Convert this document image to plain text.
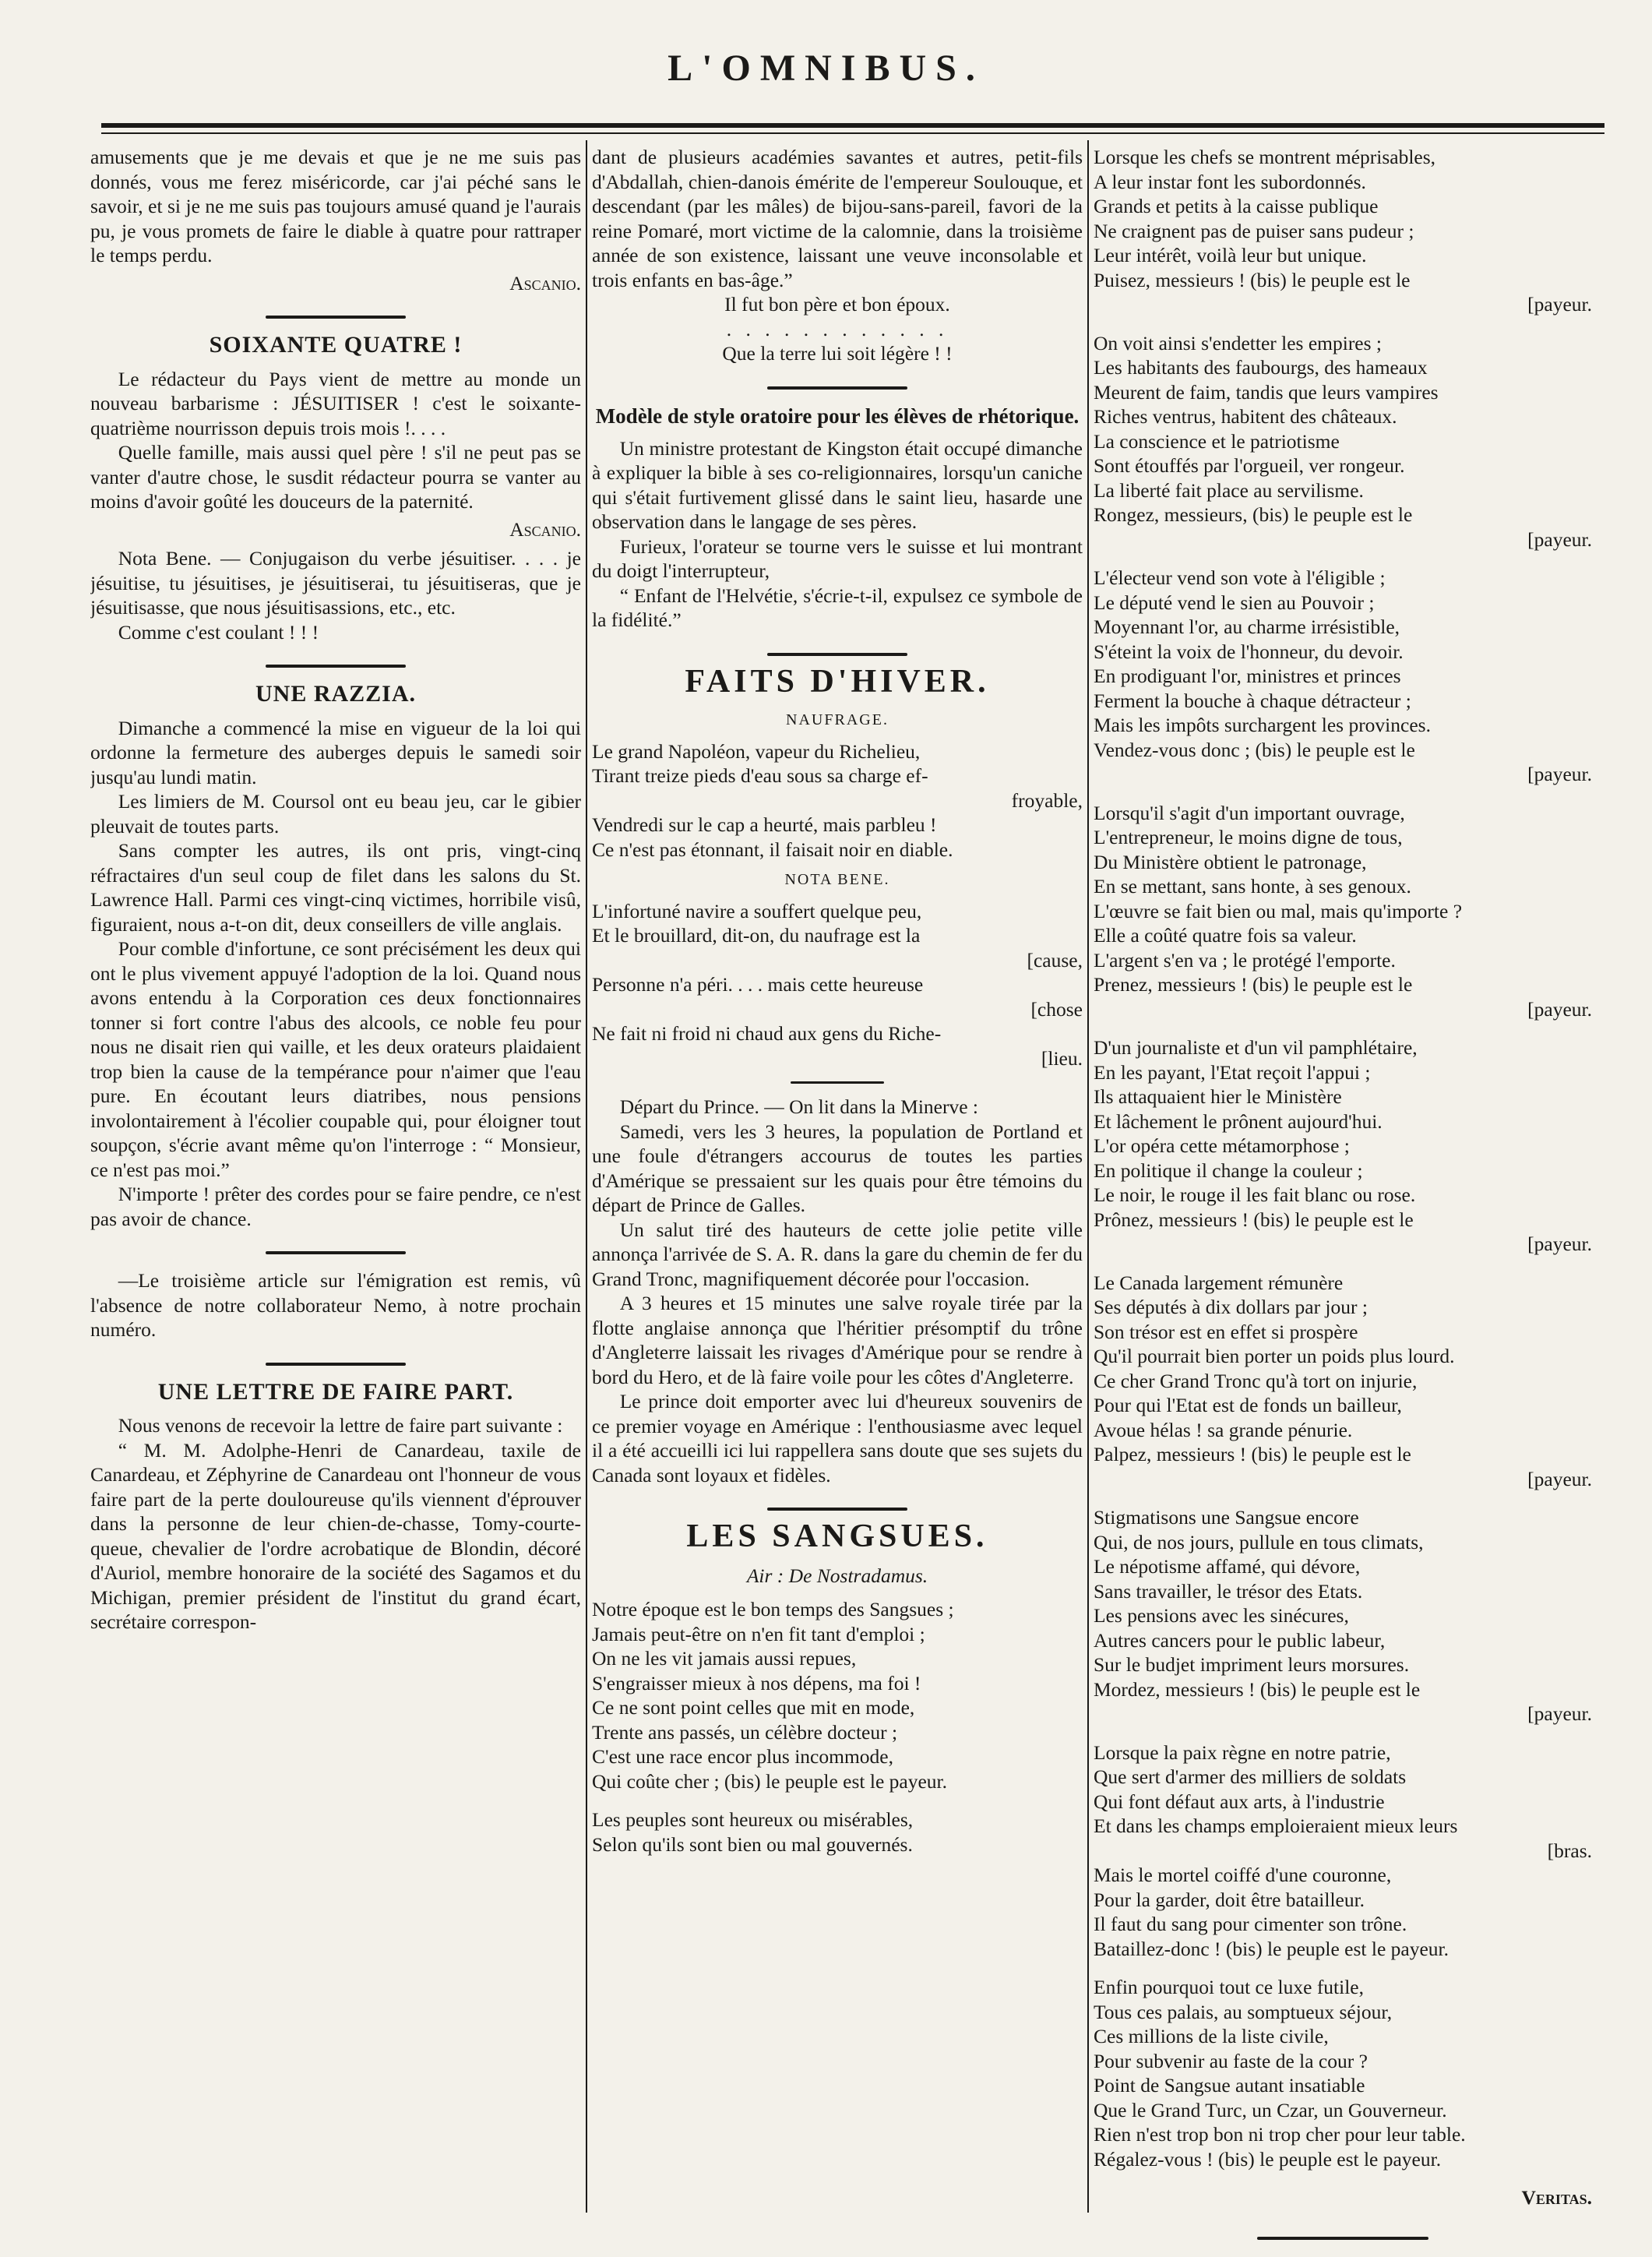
L'OMNIBUS.

amusements que je me devais et que je ne me suis pas donnés, vous me ferez miséricorde, car j'ai péché sans le savoir, et si je ne me suis pas toujours amusé quand je l'aurais pu, je vous promets de faire le diable à quatre pour rattraper le temps perdu.

Ascanio.
SOIXANTE QUATRE !

Le rédacteur du Pays vient de mettre au monde un nouveau barbarisme : JÉSUITISER ! c'est le soixante-quatrième nourrisson depuis trois mois !. . . .

Quelle famille, mais aussi quel père ! s'il ne peut pas se vanter d'autre chose, le susdit rédacteur pourra se vanter au moins d'avoir goûté les douceurs de la paternité.

Ascanio.

Nota Bene. — Conjugaison du verbe jésuitiser. . . . je jésuitise, tu jésuitises, je jésuitiserai, tu jésuitiseras, que je jésuitisasse, que nous jésuitisassions, etc., etc.

Comme c'est coulant ! ! !

UNE RAZZIA.

Dimanche a commencé la mise en vigueur de la loi qui ordonne la fermeture des auberges depuis le samedi soir jusqu'au lundi matin.

Les limiers de M. Coursol ont eu beau jeu, car le gibier pleuvait de toutes parts.

Sans compter les autres, ils ont pris, vingt-cinq réfractaires d'un seul coup de filet dans les salons du St. Lawrence Hall. Parmi ces vingt-cinq victimes, horribile visû, figuraient, nous a-t-on dit, deux conseillers de ville anglais.

Pour comble d'infortune, ce sont précisément les deux qui ont le plus vivement appuyé l'adoption de la loi. Quand nous avons entendu à la Corporation ces deux fonctionnaires tonner si fort contre l'abus des alcools, ce noble feu pour nous ne disait rien qui vaille, et les deux orateurs plaidaient trop bien la cause de la tempérance pour n'aimer que l'eau pure. En écoutant leurs diatribes, nous pensions involontairement à l'écolier coupable qui, pour éloigner tout soupçon, s'écrie avant même qu'on l'interroge : “ Monsieur, ce n'est pas moi.”

N'importe ! prêter des cordes pour se faire pendre, ce n'est pas avoir de chance.

—Le troisième article sur l'émigration est remis, vû l'absence de notre collaborateur Nemo, à notre prochain numéro.

UNE LETTRE DE FAIRE PART.

Nous venons de recevoir la lettre de faire part suivante :

“ M. M. Adolphe-Henri de Canardeau, taxile de Canardeau, et Zéphyrine de Canardeau ont l'honneur de vous faire part de la perte douloureuse qu'ils viennent d'éprouver dans la personne de leur chien-de-chasse, Tomy-courte-queue, chevalier de l'ordre acrobatique de Blondin, décoré d'Auriol, membre honoraire de la société des Sagamos et du Michigan, premier président de l'institut du grand écart, secrétaire correspon-

dant de plusieurs académies savantes et autres, petit-fils d'Abdallah, chien-danois émérite de l'empereur Soulouque, et descendant (par les mâles) de bijou-sans-pareil, favori de la reine Pomaré, mort victime de la calomnie, dans la troisième année de son existence, laissant une veuve inconsolable et trois enfants en bas-âge.”

Il fut bon père et bon époux.

. . . . . . . . . . . .

Que la terre lui soit légère ! !

Modèle de style oratoire pour les élèves de rhétorique.

Un ministre protestant de Kingston était occupé dimanche à expliquer la bible à ses co-religionnaires, lorsqu'un caniche qui s'était furtivement glissé dans le saint lieu, hasarde une observation dans le langage de ses pères.

Furieux, l'orateur se tourne vers le suisse et lui montrant du doigt l'interrupteur,

“ Enfant de l'Helvétie, s'écrie-t-il, expulsez ce symbole de la fidélité.”

FAITS D'HIVER.
NAUFRAGE.
Le grand Napoléon, vapeur du Richelieu,
Tirant treize pieds d'eau sous sa charge ef-
froyable,
Vendredi sur le cap a heurté, mais parbleu !
Ce n'est pas étonnant, il faisait noir en diable.
NOTA BENE.
L'infortuné navire a souffert quelque peu,
Et le brouillard, dit-on, du naufrage est la
[cause,
Personne n'a péri. . . . mais cette heureuse
[chose
Ne fait ni froid ni chaud aux gens du Riche-
[lieu.

Départ du Prince. — On lit dans la Minerve :

Samedi, vers les 3 heures, la population de Portland et une foule d'étrangers accourus de toutes les parties d'Amérique se pressaient sur les quais pour être témoins du départ de Prince de Galles.

Un salut tiré des hauteurs de cette jolie petite ville annonça l'arrivée de S. A. R. dans la gare du chemin de fer du Grand Tronc, magnifiquement décorée pour l'occasion.

A 3 heures et 15 minutes une salve royale tirée par la flotte anglaise annonça que l'héritier présomptif du trône d'Angleterre laissait les rivages d'Amérique pour se rendre à bord du Hero, et de là faire voile pour les côtes d'Angleterre.

Le prince doit emporter avec lui d'heureux souvenirs de ce premier voyage en Amérique : l'enthousiasme avec lequel il a été accueilli ici lui rappellera sans doute que ses sujets du Canada sont loyaux et fidèles.

LES SANGSUES.
Air : De Nostradamus.
Notre époque est le bon temps des Sangsues ;
Jamais peut-être on n'en fit tant d'emploi ;
On ne les vit jamais aussi repues,
S'engraisser mieux à nos dépens, ma foi !
Ce ne sont point celles que mit en mode,
Trente ans passés, un célèbre docteur ;
C'est une race encor plus incommode,
Qui coûte cher ; (bis) le peuple est le payeur.
Les peuples sont heureux ou misérables,
Selon qu'ils sont bien ou mal gouvernés.
Lorsque les chefs se montrent méprisables,
A leur instar font les subordonnés.
Grands et petits à la caisse publique
Ne craignent pas de puiser sans pudeur ;
Leur intérêt, voilà leur but unique.
Puisez, messieurs ! (bis) le peuple est le
[payeur.
On voit ainsi s'endetter les empires ;
Les habitants des faubourgs, des hameaux
Meurent de faim, tandis que leurs vampires
Riches ventrus, habitent des châteaux.
La conscience et le patriotisme
Sont étouffés par l'orgueil, ver rongeur.
La liberté fait place au servilisme.
Rongez, messieurs, (bis) le peuple est le
[payeur.
L'électeur vend son vote à l'éligible ;
Le député vend le sien au Pouvoir ;
Moyennant l'or, au charme irrésistible,
S'éteint la voix de l'honneur, du devoir.
En prodiguant l'or, ministres et princes
Ferment la bouche à chaque détracteur ;
Mais les impôts surchargent les provinces.
Vendez-vous donc ; (bis) le peuple est le
[payeur.
Lorsqu'il s'agit d'un important ouvrage,
L'entrepreneur, le moins digne de tous,
Du Ministère obtient le patronage,
En se mettant, sans honte, à ses genoux.
L'œuvre se fait bien ou mal, mais qu'importe ?
Elle a coûté quatre fois sa valeur.
L'argent s'en va ; le protégé l'emporte.
Prenez, messieurs ! (bis) le peuple est le
[payeur.
D'un journaliste et d'un vil pamphlétaire,
En les payant, l'Etat reçoit l'appui ;
Ils attaquaient hier le Ministère
Et lâchement le prônent aujourd'hui.
L'or opéra cette métamorphose ;
En politique il change la couleur ;
Le noir, le rouge il les fait blanc ou rose.
Prônez, messieurs ! (bis) le peuple est le
[payeur.
Le Canada largement rémunère
Ses députés à dix dollars par jour ;
Son trésor est en effet si prospère
Qu'il pourrait bien porter un poids plus lourd.
Ce cher Grand Tronc qu'à tort on injurie,
Pour qui l'Etat est de fonds un bailleur,
Avoue hélas ! sa grande pénurie.
Palpez, messieurs ! (bis) le peuple est le
[payeur.
Stigmatisons une Sangsue encore
Qui, de nos jours, pullule en tous climats,
Le népotisme affamé, qui dévore,
Sans travailler, le trésor des Etats.
Les pensions avec les sinécures,
Autres cancers pour le public labeur,
Sur le budjet impriment leurs morsures.
Mordez, messieurs ! (bis) le peuple est le
[payeur.
Lorsque la paix règne en notre patrie,
Que sert d'armer des milliers de soldats
Qui font défaut aux arts, à l'industrie
Et dans les champs emploieraient mieux leurs
[bras.
Mais le mortel coiffé d'une couronne,
Pour la garder, doit être batailleur.
Il faut du sang pour cimenter son trône.
Bataillez-donc ! (bis) le peuple est le payeur.
Enfin pourquoi tout ce luxe futile,
Tous ces palais, au somptueux séjour,
Ces millions de la liste civile,
Pour subvenir au faste de la cour ?
Point de Sangsue autant insatiable
Que le Grand Turc, un Czar, un Gouverneur.
Rien n'est trop bon ni trop cher pour leur table.
Régalez-vous ! (bis) le peuple est le payeur.
Veritas.
